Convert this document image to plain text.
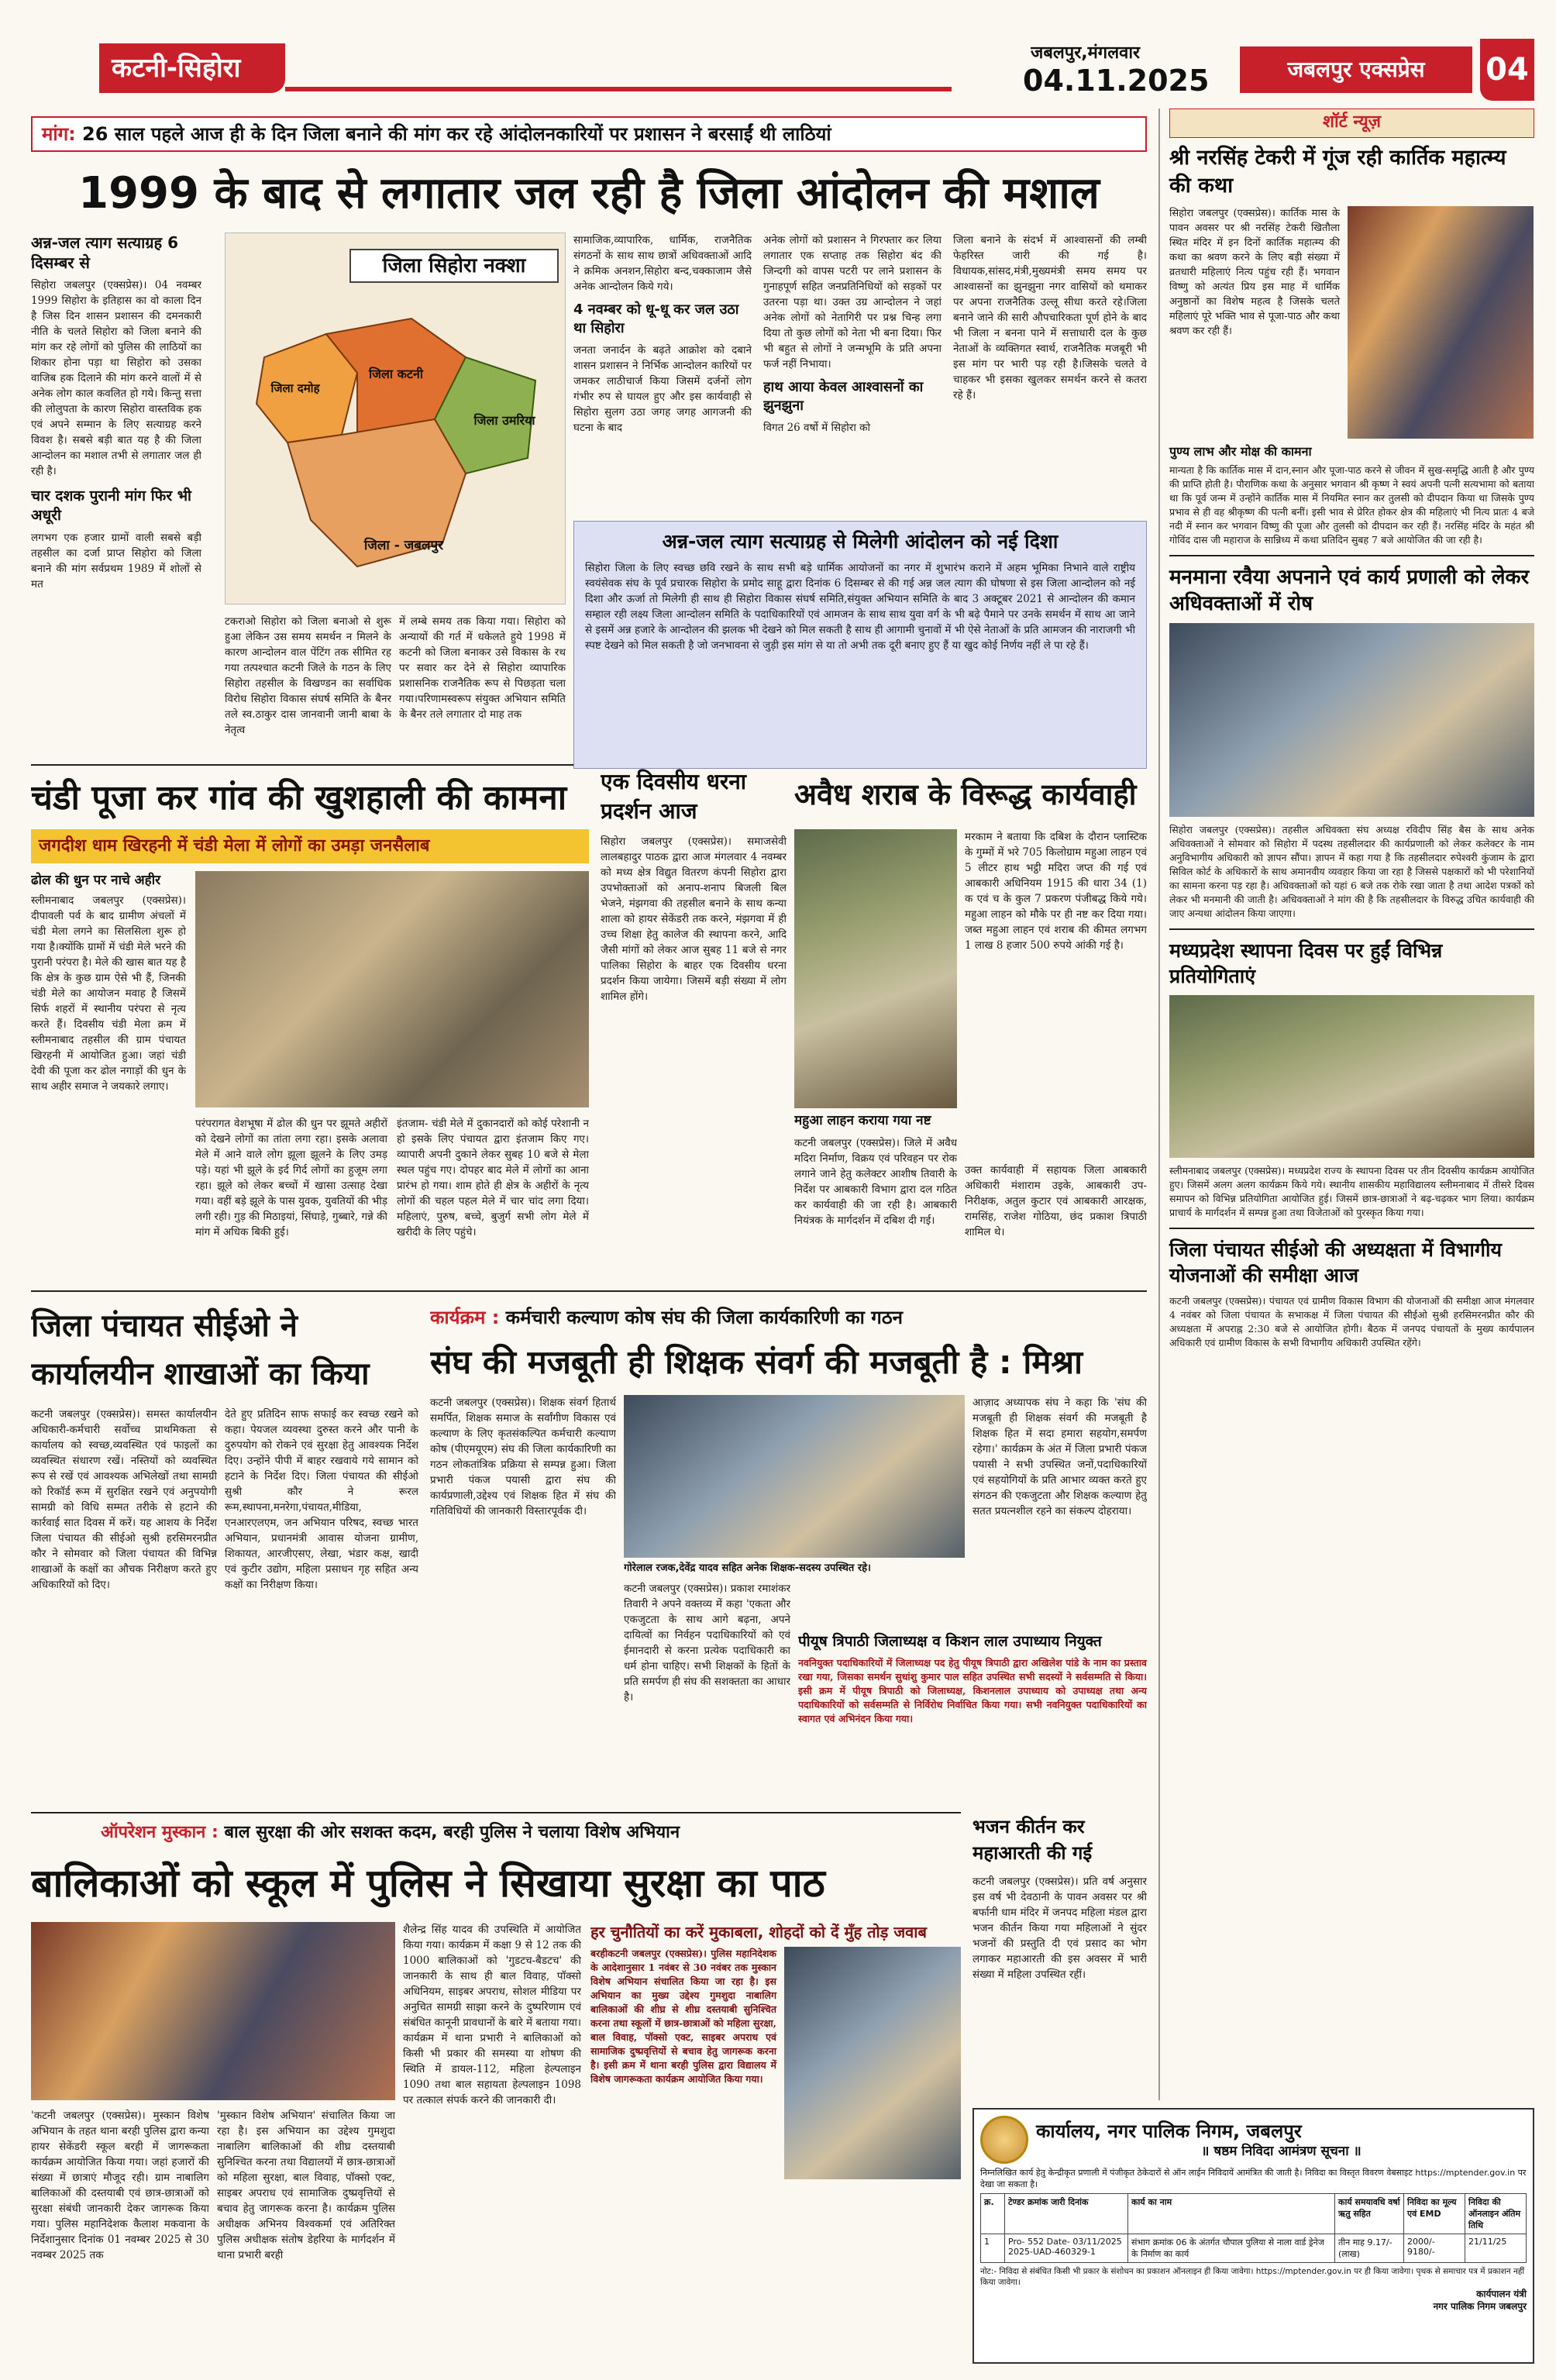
कटनी-सिहोरा	जबलपुर,मंगलवार
04.11.2025	जबलपुर एक्सप्रेस	04
मांग: 26 साल पहले आज ही के दिन जिला बनाने की मांग कर रहे आंदोलनकारियों पर प्रशासन ने बरसाईं थी लाठियां
1999 के बाद से लगातार जल रही है जिला आंदोलन की मशाल

अन्न-जल त्याग सत्याग्रह 6 दिसम्बर से

सिहोरा जबलपुर (एक्सप्रेस)। 04 नवम्बर 1999 सिहोरा के इतिहास का वो काला दिन है जिस दिन शासन प्रशासन की दमनकारी नीति के चलते सिहोरा को जिला बनाने की मांग कर रहे लोगों को पुलिस की लाठियों का शिकार होना पड़ा था सिहोरा को उसका वाजिब हक दिलाने की मांग करने वालों में से अनेक लोग काल कवलित हो गये। किन्तु सत्ता की लोलुपता के कारण सिहोरा वास्तविक हक एवं अपने सम्मान के लिए सत्याग्रह करने विवश है। सबसे बड़ी बात यह है की जिला आन्दोलन का मशाल तभी से लगातार जल ही रही है।

चार दशक पुरानी मांग फिर भी अधूरी

लगभग एक हजार ग्रामों वाली सबसे बड़ी तहसील का दर्जा प्राप्त सिहोरा को जिला बनाने की मांग सर्वप्रथम 1989 में शोलों से मत

जिला सिहोरा नक्शा
जिला दमोह
जिला कटनी
जिला उमरिया
जिला - जबलपुर

टकराओ सिहोरा को जिला बनाओ से शुरू हुआ लेकिन उस समय समर्थन न मिलने के कारण आन्दोलन वाल पेंटिंग तक सीमित रह गया तत्पश्चात कटनी जिले के गठन के लिए सिहोरा तहसील के विखण्डन का सर्वाधिक विरोध सिहोरा विकास संघर्ष समिति के बैनर तले स्व.ठाकुर दास जानवानी जानी बाबा के नेतृत्व

में लम्बे समय तक किया गया। सिहोरा को अन्यायों की गर्त में धकेलते हुये 1998 में कटनी को जिला बनाकर उसे विकास के रथ पर सवार कर देने से सिहोरा व्यापारिक प्रशासनिक राजनैतिक रूप से पिछड़ता चला गया।परिणामस्वरूप संयुक्त अभियान समिति के बैनर तले लगातार दो माह तक

सामाजिक,व्यापारिक, धार्मिक, राजनैतिक संगठनों के साथ साथ छात्रों अधिवक्ताओं आदि ने क्रमिक अनशन,सिहोरा बन्द,चक्काजाम जैसे अनेक आन्दोलन किये गये।

4 नवम्बर को धू-धू कर जल उठा था सिहोरा

जनता जनार्दन के बढ़ते आक्रोश को दबाने शासन प्रशासन ने निर्भिक आन्दोलन कारियों पर जमकर लाठीचार्ज किया जिसमें दर्जनों लोग गंभीर रुप से घायल हुए और इस कार्यवाही से सिहोरा सुलग उठा जगह जगह आगजनी की घटना के बाद

अनेक लोगों को प्रशासन ने गिरफ्तार कर लिया लगातार एक सप्ताह तक सिहोरा बंद की जिन्दगी को वापस पटरी पर लाने प्रशासन के गुनाहपूर्ण सहित जनप्रतिनिधियों को सड़कों पर उतरना पड़ा था। उक्त उग्र आन्दोलन ने जहां अनेक लोगों को नेतागिरी पर प्रश्न चिन्ह लगा दिया तो कुछ लोगों को नेता भी बना दिया। फिर भी बहुत से लोगों ने जन्मभूमि के प्रति अपना फर्ज नहीं निभाया।

हाथ आया केवल आश्वासनों का झुनझुना

विगत 26 वर्षो में सिहोरा को

जिला बनाने के संदर्भ में आश्वासनों की लम्बी फेहरिस्त जारी की गई है।विधायक,सांसद,मंत्री,मुख्यमंत्री समय समय पर आश्वासनों का झुनझुना नगर वासियों को थमाकर पर अपना राजनैतिक उल्लू सीधा करते रहे।जिला बनाने जाने की सारी औपचारिकता पूर्ण होने के बाद भी जिला न बनना पाने में सत्ताधारी दल के कुछ नेताओं के व्यक्तिगत स्वार्थ, राजनैतिक मजबूरी भी इस मांग पर भारी पड़ रही है।जिसके चलते वे चाहकर भी इसका खुलकर समर्थन करने से कतरा रहे हैं।

अन्न-जल त्याग सत्याग्रह से मिलेगी आंदोलन को नई दिशा

सिहोरा जिला के लिए स्वच्छ छवि रखने के साथ सभी बड़े धार्मिक आयोजनों का नगर में शुभारंभ कराने में अहम भूमिका निभाने वाले राष्ट्रीय स्वयंसेवक संघ के पूर्व प्रचारक सिहोरा के प्रमोद साहू द्वारा दिनांक 6 दिसम्बर से की गई अन्न जल त्याग की घोषणा से इस जिला आन्दोलन को नई दिशा और ऊर्जा तो मिलेगी ही साथ ही सिहोरा विकास संघर्ष समिति,संयुक्त अभियान समिति के बाद 3 अक्टूबर 2021 से आन्दोलन की कमान सम्हाल रही लक्ष्य जिला आन्दोलन समिति के पदाधिकारियों एवं आमजन के साथ साथ युवा वर्ग के भी बढ़े पैमाने पर उनके समर्थन में साथ आ जाने से इसमें अन्न हजारे के आन्दोलन की झलक भी देखने को मिल सकती है साथ ही आगामी चुनावों में भी ऐसे नेताओं के प्रति आमजन की नाराजगी भी स्पष्ट देखने को मिल सकती है जो जनभावना से जुड़ी इस मांग से या तो अभी तक दूरी बनाए हुए हैं या खुद कोई निर्णय नहीं ले पा रहे हैं।

चंडी पूजा कर गांव की खुशहाली की कामना
जगदीश धाम खिरहनी में चंडी मेला में लोगों का उमड़ा जनसैलाब

ढोल की धुन पर नाचे अहीर

स्लीमनाबाद जबलपुर (एक्सप्रेस)। दीपावली पर्व के बाद ग्रामीण अंचलों में चंडी मेला लगने का सिलसिला शुरू हो गया है।क्योंकि ग्रामों में चंडी मेले भरने की पुरानी परंपरा है। मेले की खास बात यह है कि क्षेत्र के कुछ ग्राम ऐसे भी हैं, जिनकी चंडी मेले का आयोजन मवाह है जिसमें सिर्फ शहरों में स्थानीय परंपरा से नृत्य करते हैं। दिवसीय चंडी मेला क्रम में स्लीमनाबाद तहसील की ग्राम पंचायत खिरहनी में आयोजित हुआ। जहां चंडी देवी की पूजा कर ढोल नगाड़ों की धुन के साथ अहीर समाज ने जयकारे लगाए।

परंपरागत वेशभूषा में ढोल की धुन पर झूमते अहीरों को देखने लोगों का तांता लगा रहा। इसके अलावा मेले में आने वाले लोग झूला झूलने के लिए उमड़ पड़े। यहां भी झूले के इर्द गिर्द लोगों का हुजूम लगा रहा। झूले को लेकर बच्चों में खासा उत्साह देखा गया। वहीं बड़े झूले के पास युवक, युवतियों की भीड़ लगी रही। गुड़ की मिठाइयां, सिंघाड़े, गुब्बारे, गन्ने की मांग में अधिक बिकी हुई।

इंतजाम- चंडी मेले में दुकानदारों को कोई परेशानी न हो इसके लिए पंचायत द्वारा इंतजाम किए गए। व्यापारी अपनी दुकाने लेकर सुबह 10 बजे से मेला स्थल पहुंच गए। दोपहर बाद मेले में लोगों का आना प्रारंभ हो गया। शाम होते ही क्षेत्र के अहीरों के नृत्य लोगों की चहल पहल मेले में चार चांद लगा दिया। महिलाएं, पुरुष, बच्चे, बुजुर्ग सभी लोग मेले में खरीदी के लिए पहुंचे।

एक दिवसीय धरना प्रदर्शन आज

सिहोरा जबलपुर (एक्सप्रेस)। समाजसेवी लालबहादुर पाठक द्वारा आज मंगलवार 4 नवम्बर को मध्य क्षेत्र विद्युत वितरण कंपनी सिहोरा द्वारा उपभोक्ताओं को अनाप-शनाप बिजली बिल भेजने, मंझगवा की तहसील बनाने के साथ कन्या शाला को हायर सेकेंडरी तक करने, मंझगवा में ही उच्च शिक्षा हेतु कालेज की स्थापना करने, आदि जैसी मांगों को लेकर आज सुबह 11 बजे से नगर पालिका सिहोरा के बाहर एक दिवसीय धरना प्रदर्शन किया जायेगा। जिसमें बड़ी संख्या में लोग शामिल होंगे।

अवैध शराब के विरूद्ध कार्यवाही
महुआ लाहन कराया गया नष्ट

मरकाम ने बताया कि दबिश के दौरान प्लास्टिक के गुम्मों में भरे 705 किलोग्राम महुआ लाहन एवं 5 लीटर हाथ भट्ठी मदिरा जप्त की गई एवं आबकारी अधिनियम 1915 की धारा 34 (1) क एवं च के कुल 7 प्रकरण पंजीबद्ध किये गये। महुआ लाहन को मौके पर ही नष्ट कर दिया गया। जब्त महुआ लाहन एवं शराब की कीमत लगभग 1 लाख 8 हजार 500 रुपये आंकी गई है।

कटनी जबलपुर (एक्सप्रेस)। जिले में अवैध मदिरा निर्माण, विक्रय एवं परिवहन पर रोक लगाने जाने हेतु कलेक्टर आशीष तिवारी के निर्देश पर आबकारी विभाग द्वारा दल गठित कर कार्यवाही की जा रही है। आबकारी नियंत्रक के मार्गदर्शन में दबिश दी गई।

उक्त कार्यवाही में सहायक जिला आबकारी अधिकारी मंशाराम उइके, आबकारी उप-निरीक्षक, अतुल कुटार एवं आबकारी आरक्षक, रामसिंह, राजेश गोठिया, छंद प्रकाश त्रिपाठी शामिल थे।

जिला पंचायत सीईओ ने कार्यालयीन शाखाओं का किया

कटनी जबलपुर (एक्सप्रेस)। समस्त कार्यालयीन अधिकारी-कर्मचारी सर्वोच्च प्राथमिकता से कार्यालय को स्वच्छ,व्यवस्थित एवं फाइलों का व्यवस्थित संधारण रखें। नस्तियों को व्यवस्थित रूप से रखें एवं आवश्यक अभिलेखों तथा सामग्री को रिकॉर्ड रूम में सुरक्षित रखने एवं अनुपयोगी सामग्री को विधि सम्मत तरीके से हटाने की कार्रवाई सात दिवस में करें। यह आशय के निर्देश जिला पंचायत की सीईओ सुश्री हरसिमरनप्रीत कौर ने सोमवार को जिला पंचायत की विभिन्न शाखाओं के कक्षों का औचक निरीक्षण करते हुए अधिकारियों को दिए।

देते हुए प्रतिदिन साफ सफाई कर स्वच्छ रखने को कहा। पेयजल व्यवस्था दुरुस्त करने और पानी के दुरुपयोग को रोकने एवं सुरक्षा हेतु आवश्यक निर्देश दिए। उन्होंने पीपी में बाहर रखवाये गये सामान को हटाने के निर्देश दिए। जिला पंचायत की सीईओ सुश्री कौर ने रूरल रूम,स्थापना,मनरेगा,पंचायत,मीडिया, एनआरएलएम, जन अभियान परिषद, स्वच्छ भारत अभियान, प्रधानमंत्री आवास योजना ग्रामीण, शिकायत, आरजीएसए, लेखा, भंडार कक्ष, खादी एवं कुटीर उद्योग, महिला प्रसाधन गृह सहित अन्य कक्षों का निरीक्षण किया।

कार्यक्रम : कर्मचारी कल्याण कोष संघ की जिला कार्यकारिणी का गठन
संघ की मजबूती ही शिक्षक संवर्ग की मजबूती है : मिश्रा

कटनी जबलपुर (एक्सप्रेस)। शिक्षक संवर्ग हितार्थ समर्पित, शिक्षक समाज के सर्वांगीण विकास एवं कल्याण के लिए कृतसंकल्पित कर्मचारी कल्याण कोष (पीएमयूएम) संघ की जिला कार्यकारिणी का गठन लोकतांत्रिक प्रक्रिया से सम्पन्न हुआ। जिला प्रभारी पंकज पयासी द्वारा संघ की कार्यप्रणाली,उद्देश्य एवं शिक्षक हित में संघ की गतिविधियों की जानकारी विस्तारपूर्वक दी।

गोरेलाल रजक,देवेंद्र यादव सहित अनेक शिक्षक-सदस्य उपस्थित रहे।

कटनी जबलपुर (एक्सप्रेस)। प्रकाश रमाशंकर तिवारी ने अपने वक्तव्य में कहा 'एकता और एकजुटता के साथ आगे बढ़ना, अपने दायित्वों का निर्वहन पदाधिकारियों को एवं ईमानदारी से करना प्रत्येक पदाधिकारी का धर्म होना चाहिए। सभी शिक्षकों के हितों के प्रति समर्पण ही संघ की सशक्तता का आधार है।

आज़ाद अध्यापक संघ ने कहा कि 'संघ की मजबूती ही शिक्षक संवर्ग की मजबूती है शिक्षक हित में सदा हमारा सहयोग,समर्पण रहेगा।' कार्यक्रम के अंत में जिला प्रभारी पंकज पयासी ने सभी उपस्थित जनों,पदाधिकारियों एवं सहयोगियों के प्रति आभार व्यक्त करते हुए संगठन की एकजुटता और शिक्षक कल्याण हेतु सतत प्रयत्नशील रहने का संकल्प दोहराया।

पीयूष त्रिपाठी जिलाध्यक्ष व किशन लाल उपाध्याय नियुक्त

नवनियुक्त पदाधिकारियों में जिलाध्यक्ष पद हेतु पीयूष त्रिपाठी द्वारा अखिलेश पांडे के नाम का प्रस्ताव रखा गया, जिसका समर्थन सुधांशु कुमार पाल सहित उपस्थित सभी सदस्यों ने सर्वसम्मति से किया। इसी क्रम में पीयूष त्रिपाठी को जिलाध्यक्ष, किशनलाल उपाध्याय को उपाध्यक्ष तथा अन्य पदाधिकारियों को सर्वसम्मति से निर्विरोध निर्वाचित किया गया। सभी नवनियुक्त पदाधिकारियों का स्वागत एवं अभिनंदन किया गया।

ऑपरेशन मुस्कान : बाल सुरक्षा की ओर सशक्त कदम, बरही पुलिस ने चलाया विशेष अभियान
बालिकाओं को स्कूल में पुलिस ने सिखाया सुरक्षा का पाठ

'कटनी जबलपुर (एक्सप्रेस)। मुस्कान विशेष अभियान के तहत थाना बरही पुलिस द्वारा कन्या हायर सेकेंडरी स्कूल बरही में जागरूकता कार्यक्रम आयोजित किया गया। जहां हजारों की संख्या में छात्राएं मौजूद रही। ग्राम नाबालिग बालिकाओं की दस्तयाबी एवं छात्र-छात्राओं को सुरक्षा संबंधी जानकारी देकर जागरूक किया गया। पुलिस महानिदेशक कैलाश मकवाना के निर्देशानुसार दिनांक 01 नवम्बर 2025 से 30 नवम्बर 2025 तक

'मुस्कान विशेष अभियान' संचालित किया जा रहा है। इस अभियान का उद्देश्य गुमशुदा नाबालिग बालिकाओं की शीघ्र दस्तयाबी सुनिश्चित करना तथा विद्यालयों में छात्र-छात्राओं को महिला सुरक्षा, बाल विवाह, पॉक्सो एक्ट, साइबर अपराध एवं सामाजिक दुष्प्रवृत्तियों से बचाव हेतु जागरूक करना है। कार्यक्रम पुलिस अधीक्षक अभिनय विश्वकर्मा एवं अतिरिक्त पुलिस अधीक्षक संतोष डेहरिया के मार्गदर्शन में थाना प्रभारी बरही

शैलेन्द्र सिंह यादव की उपस्थिति में आयोजित किया गया। कार्यक्रम में कक्षा 9 से 12 तक की 1000 बालिकाओं को 'गुडटच-बैडटच' की जानकारी के साथ ही बाल विवाह, पॉक्सो अधिनियम, साइबर अपराध, सोशल मीडिया पर अनुचित सामग्री साझा करने के दुष्परिणाम एवं संबंधित कानूनी प्रावधानों के बारे में बताया गया। कार्यक्रम में थाना प्रभारी ने बालिकाओं को किसी भी प्रकार की समस्या या शोषण की स्थिति में डायल-112, महिला हेल्पलाइन 1090 तथा बाल सहायता हेल्पलाइन 1098 पर तत्काल संपर्क करने की जानकारी दी।

हर चुनौतियों का करें मुकाबला, शोहदों को दें मुँह तोड़ जवाब

बरहीकटनी जबलपुर (एक्सप्रेस)। पुलिस महानिदेशक के आदेशानुसार 1 नवंबर से 30 नवंबर तक मुस्कान विशेष अभियान संचालित किया जा रहा है। इस अभियान का मुख्य उद्देश्य गुमशुदा नाबालिग बालिकाओं की शीघ्र से शीघ्र दस्तयाबी सुनिश्चित करना तथा स्कूलों में छात्र-छात्राओं को महिला सुरक्षा, बाल विवाह, पॉक्सो एक्ट, साइबर अपराध एवं सामाजिक दुष्प्रवृत्तियों से बचाव हेतु जागरूक करना है। इसी क्रम में थाना बरही पुलिस द्वारा विद्यालय में विशेष जागरूकता कार्यक्रम आयोजित किया गया।

भजन कीर्तन कर महाआरती की गई

कटनी जबलपुर (एक्सप्रेस)। प्रति वर्ष अनुसार इस वर्ष भी देवठानी के पावन अवसर पर श्री बर्फानी धाम मंदिर में जनपद महिला मंडल द्वारा भजन कीर्तन किया गया महिलाओं ने सुंदर भजनों की प्रस्तुति दी एवं प्रसाद का भोग लगाकर महाआरती की इस अवसर में भारी संख्या में महिला उपस्थित रहीं।

कार्यालय, नगर पालिक निगम, जबलपुर
॥ षष्ठम निविदा आमंत्रण सूचना ॥

निम्नलिखित कार्य हेतु केन्द्रीकृत प्रणाली में पंजीकृत ठेकेदारों से ऑन लाईन निविदायें आमंत्रित की जाती है। निविदा का विस्तृत विवरण वेबसाइट https://mptender.gov.in पर देखा जा सकता है।

क्र.	टेण्डर क्रमांक जारी दिनांक	कार्य का नाम	कार्य समयावधि वर्षा ऋतु सहित	निविदा का मूल्य एवं EMD	निविदा की ऑनलाइन अंतिम तिथि
1	Pro- 552 Date- 03/11/2025 2025-UAD-460329-1	संभाग क्रमांक 06 के अंतर्गत चौपाल पुलिया से नाला वार्ड ड्रेनेज के निर्माण का कार्य	तीन माह 9.17/- (लाख)	2000/- 9180/-	21/11/25

नोट:- निविदा से संबंधित किसी भी प्रकार के संशोधन का प्रकाशन ऑनलाइन ही किया जावेगा। https://mptender.gov.in पर ही किया जावेगा। पृथक से समाचार पत्र में प्रकाशन नहीं किया जावेगा।

कार्यपालन यंत्री
नगर पालिक निगम जबलपुर
शॉर्ट न्यूज़

श्री नरसिंह टेकरी में गूंज रही कार्तिक महात्म्य की कथा

सिहोरा जबलपुर (एक्सप्रेस)। कार्तिक मास के पावन अवसर पर श्री नरसिंह टेकरी खितौला स्थित मंदिर में इन दिनों कार्तिक महात्म्य की कथा का श्रवण करने के लिए बड़ी संख्या में व्रतधारी महिलाएं नित्य पहुंच रही हैं। भगवान विष्णु को अत्यंत प्रिय इस माह में धार्मिक अनुष्ठानों का विशेष महत्व है जिसके चलते महिलाएं पूरे भक्ति भाव से पूजा-पाठ और कथा श्रवण कर रही हैं।

पुण्य लाभ और मोक्ष की कामना

मान्यता है कि कार्तिक मास में दान,स्नान और पूजा-पाठ करने से जीवन में सुख-समृद्धि आती है और पुण्य की प्राप्ति होती है। पौराणिक कथा के अनुसार भगवान श्री कृष्ण ने स्वयं अपनी पत्नी सत्यभामा को बताया था कि पूर्व जन्म में उन्होंने कार्तिक मास में नियमित स्नान कर तुलसी को दीपदान किया था जिसके पुण्य प्रभाव से ही वह श्रीकृष्ण की पत्नी बनीं। इसी भाव से प्रेरित होकर क्षेत्र की महिलाएं भी नित्य प्रातः 4 बजे नदी में स्नान कर भगवान विष्णु की पूजा और तुलसी को दीपदान कर रही हैं। नरसिंह मंदिर के महंत श्री गोविंद दास जी महाराज के सान्निध्य में कथा प्रतिदिन सुबह 7 बजे आयोजित की जा रही है।

मनमाना रवैया अपनाने एवं कार्य प्रणाली को लेकर अधिवक्ताओं में रोष

सिहोरा जबलपुर (एक्सप्रेस)। तहसील अधिवक्ता संघ अध्यक्ष रविदीप सिंह बैस के साथ अनेक अधिवक्ताओं ने सोमवार को सिहोरा में पदस्थ तहसीलदार की कार्यप्रणाली को लेकर कलेक्टर के नाम अनुविभागीय अधिकारी को ज्ञापन सौंपा। ज्ञापन में कहा गया है कि तहसीलदार रुपेश्वरी कुंजाम के द्वारा सिविल कोर्ट के अधिकारों के साथ अमानवीय व्यवहार किया जा रहा है जिससे पक्षकारों को भी परेशानियों का सामना करना पड़ रहा है। अधिवक्ताओं को यहां 6 बजे तक रोके रखा जाता है तथा आदेश पत्रकों को लेकर भी मनमानी की जाती है। अधिवक्ताओं ने मांग की है कि तहसीलदार के विरुद्ध उचित कार्यवाही की जाए अन्यथा आंदोलन किया जाएगा।

मध्यप्रदेश स्थापना दिवस पर हुईं विभिन्न प्रतियोगिताएं

स्लीमनाबाद जबलपुर (एक्सप्रेस)। मध्यप्रदेश राज्य के स्थापना दिवस पर तीन दिवसीय कार्यक्रम आयोजित हुए। जिसमें अलग अलग कार्यक्रम किये गये। स्थानीय शासकीय महाविद्यालय स्लीमनाबाद में तीसरे दिवस समापन को विभिन्न प्रतियोगिता आयोजित हुई। जिसमें छात्र-छात्राओं ने बढ़-चढ़कर भाग लिया। कार्यक्रम प्राचार्य के मार्गदर्शन में सम्पन्न हुआ तथा विजेताओं को पुरस्कृत किया गया।

जिला पंचायत सीईओ की अध्यक्षता में विभागीय योजनाओं की समीक्षा आज

कटनी जबलपुर (एक्सप्रेस)। पंचायत एवं ग्रामीण विकास विभाग की योजनाओं की समीक्षा आज मंगलवार 4 नवंबर को जिला पंचायत के सभाकक्ष में जिला पंचायत की सीईओ सुश्री हरसिमरनप्रीत कौर की अध्यक्षता में अपराह्न 2:30 बजे से आयोजित होगी। बैठक में जनपद पंचायतों के मुख्य कार्यपालन अधिकारी एवं ग्रामीण विकास के सभी विभागीय अधिकारी उपस्थित रहेंगे।
